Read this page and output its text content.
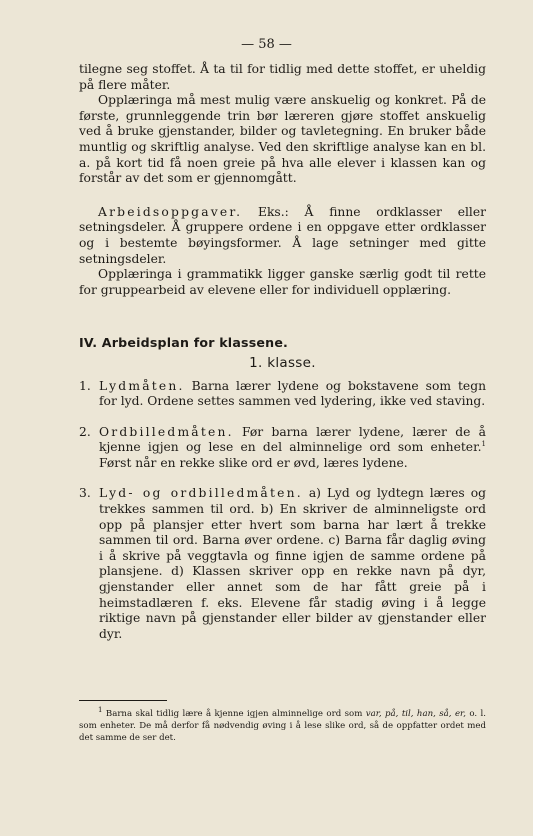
— 58 —

tilegne seg stoffet. Å ta til for tidlig med dette stoffet, er uheldig på flere måter.

Opplæringa må mest mulig være anskuelig og konkret. På de første, grunnleggende trin bør læreren gjøre stoffet anskuelig ved å bruke gjenstander, bilder og tavletegning. En bruker både muntlig og skriftlig analyse. Ved den skriftlige analyse kan en bl. a. på kort tid få noen greie på hva alle elever i klassen kan og forstår av det som er gjennomgått.

Arbeidsoppgaver. Eks.: Å finne ordklasser eller setningsdeler. Å gruppere ordene i en oppgave etter ordklasser og i bestemte bøyingsformer. Å lage setninger med gitte setningsdeler.

Opplæringa i grammatikk ligger ganske særlig godt til rette for gruppearbeid av elevene eller for individuell opplæring.

IV. Arbeidsplan for klassene.

1. klasse.
1. Lydmåten. Barna lærer lydene og bokstavene som tegn for lyd. Ordene settes sammen ved lydering, ikke ved staving.
2. Ordbilledmåten. Før barna lærer lydene, lærer de å kjenne igjen og lese en del alminnelige ord som enheter.$^1$ Først når en rekke slike ord er øvd, læres lydene.
3. Lyd- og ordbilledmåten. a) Lyd og lydtegn læres og trekkes sammen til ord. b) En skriver de alminneligste ord opp på plansjer etter hvert som barna har lært å trekke sammen til ord. Barna øver ordene. c) Barna får daglig øving i å skrive på veggtavla og finne igjen de samme ordene på plansjene. d) Klassen skriver opp en rekke navn på dyr, gjenstander eller annet som de har fått greie på i heimstadlæren f. eks. Elevene får stadig øving i å legge riktige navn på gjenstander eller bilder av gjenstander eller dyr.

$^1$ Barna skal tidlig lære å kjenne igjen alminnelige ord som var, på, til, han, så, er, o. l. som enheter. De må derfor få nødvendig øving i å lese slike ord, så de oppfatter ordet med det samme de ser det.
